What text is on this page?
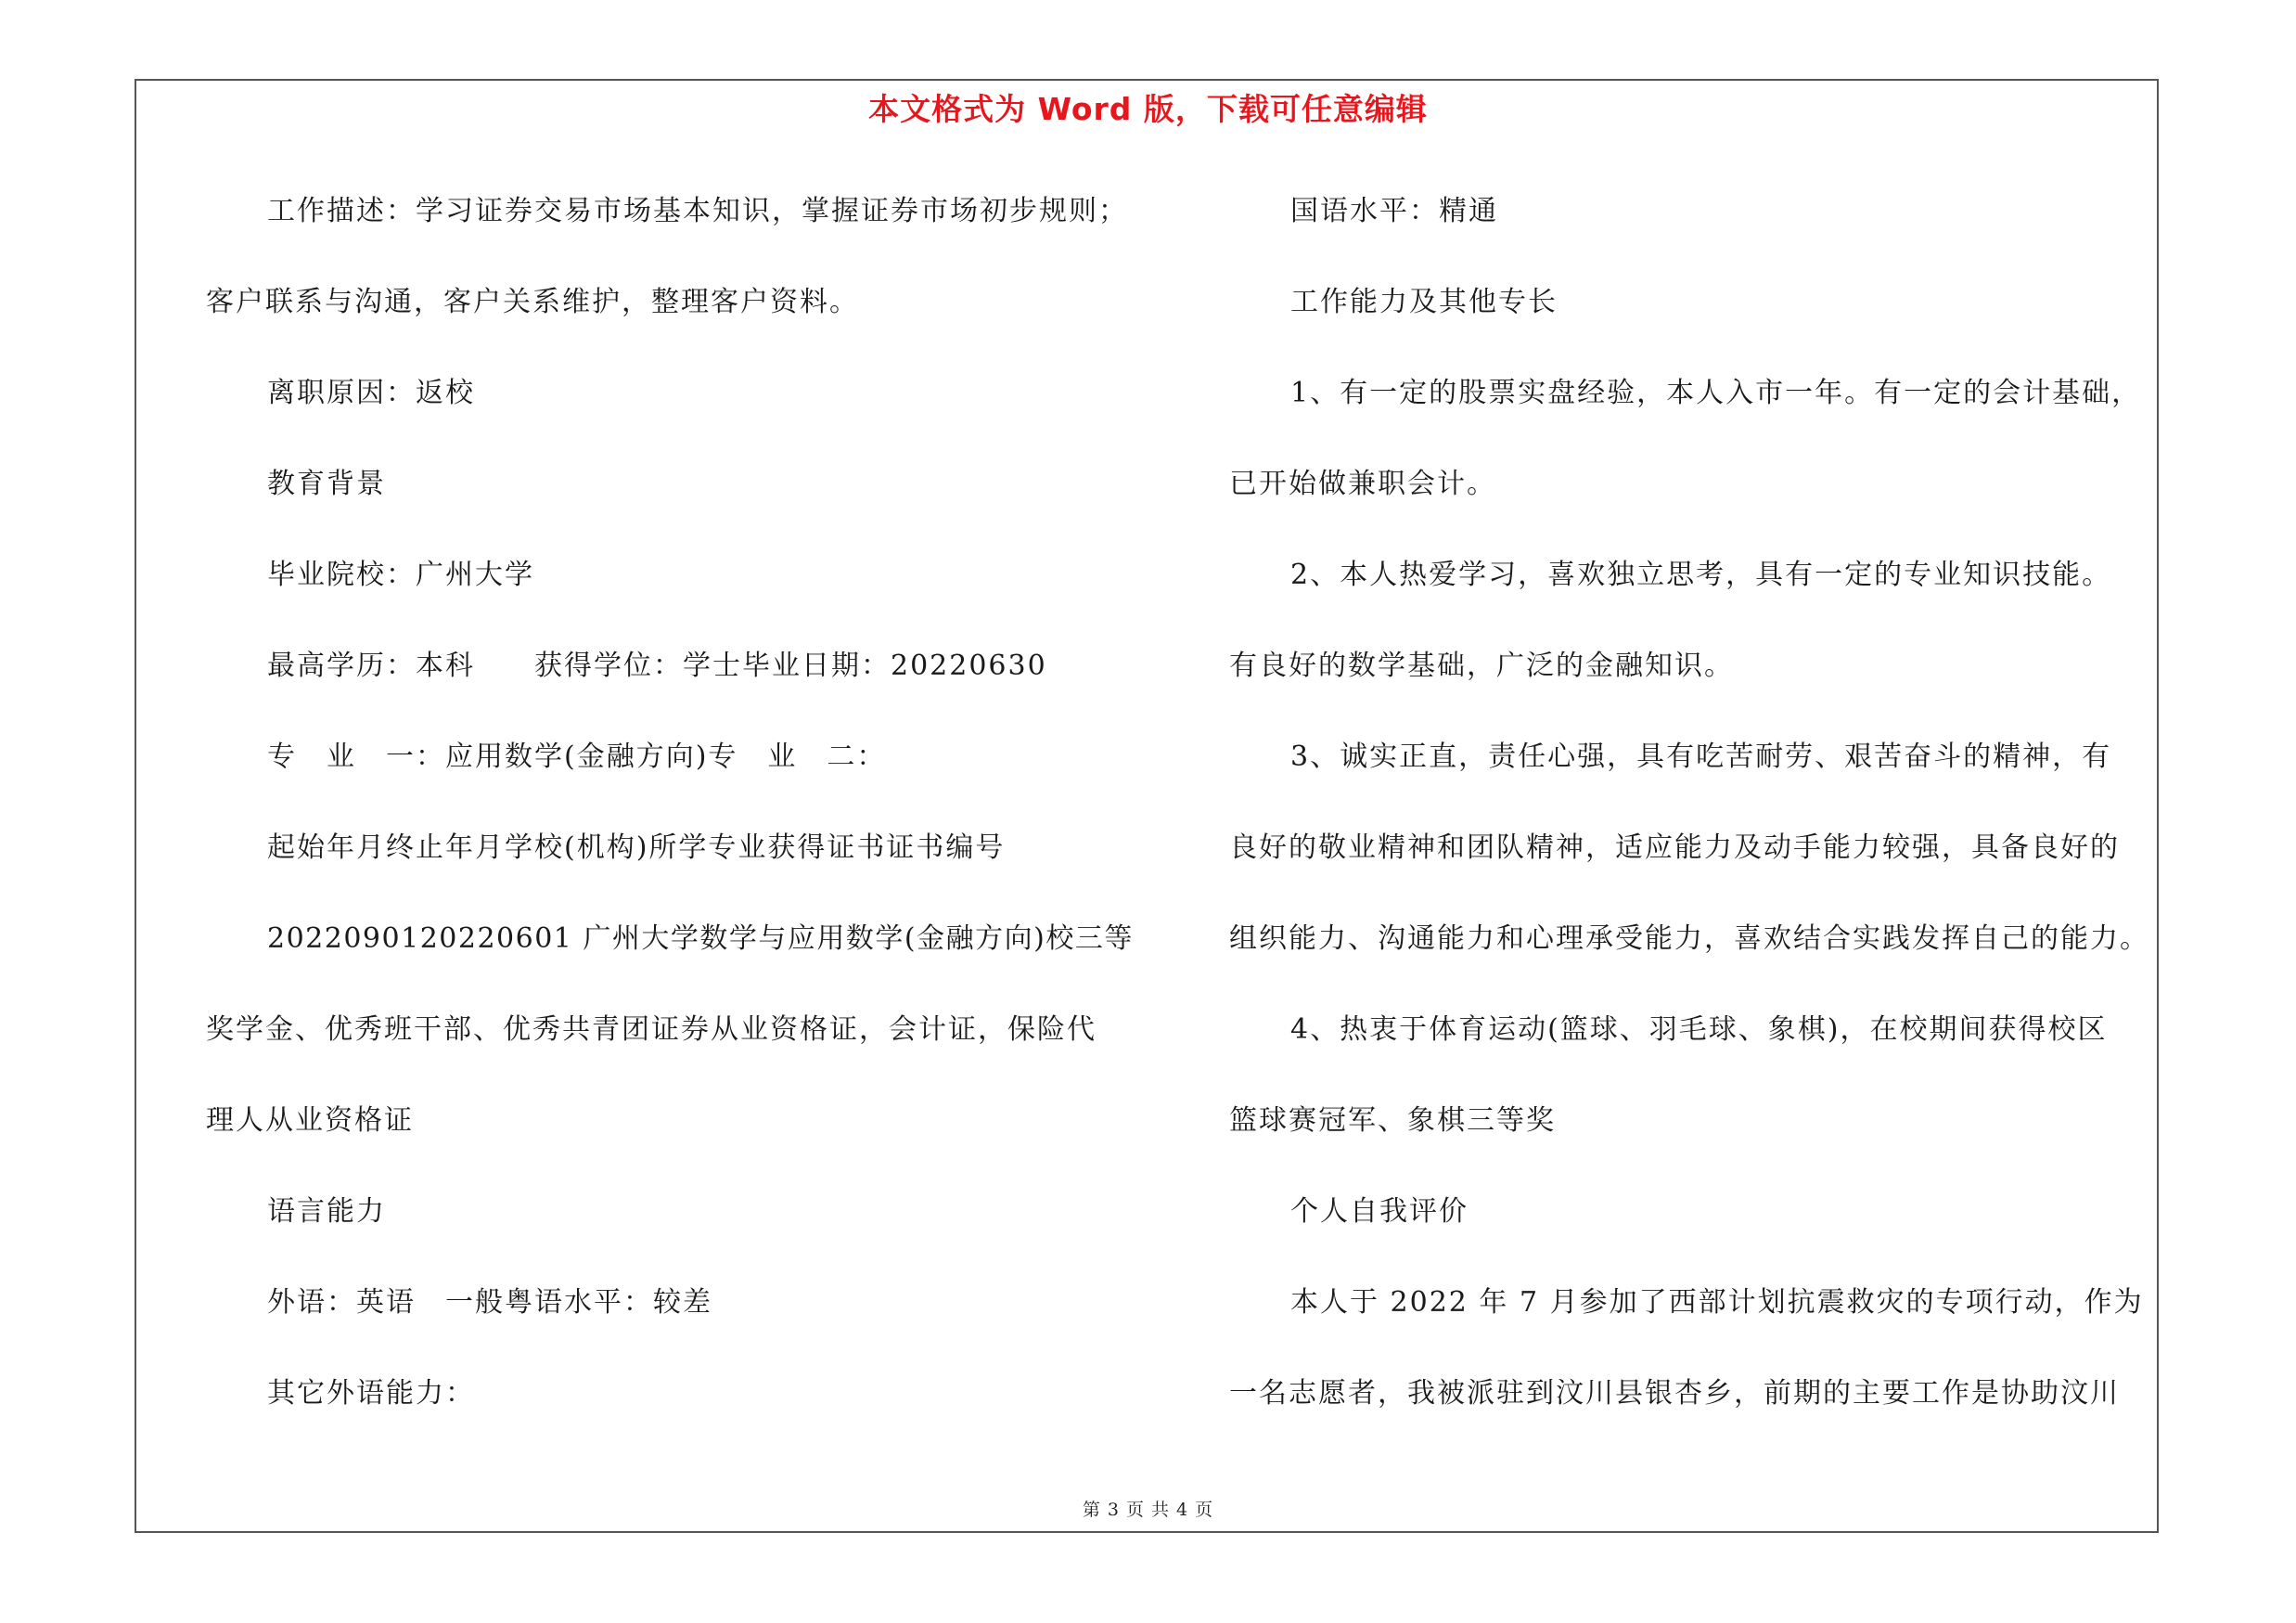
本文格式为 Word 版，下载可任意编辑
工作描述：学习证券交易市场基本知识，掌握证券市场初步规则；
客户联系与沟通，客户关系维护，整理客户资料。
离职原因：返校
教育背景
毕业院校：广州大学
最高学历：本科　　获得学位：学士毕业日期：20220630
专　业　一：应用数学(金融方向)专　业　二：
起始年月终止年月学校(机构)所学专业获得证书证书编号
2022090120220601 广州大学数学与应用数学(金融方向)校三等
奖学金、优秀班干部、优秀共青团证券从业资格证，会计证，保险代
理人从业资格证
语言能力
外语：英语　一般粤语水平：较差
其它外语能力：
国语水平：精通
工作能力及其他专长
1、有一定的股票实盘经验，本人入市一年。有一定的会计基础，
已开始做兼职会计。
2、本人热爱学习，喜欢独立思考，具有一定的专业知识技能。
有良好的数学基础，广泛的金融知识。
3、诚实正直，责任心强，具有吃苦耐劳、艰苦奋斗的精神，有
良好的敬业精神和团队精神，适应能力及动手能力较强，具备良好的
组织能力、沟通能力和心理承受能力，喜欢结合实践发挥自己的能力。
4、热衷于体育运动(篮球、羽毛球、象棋)，在校期间获得校区
篮球赛冠军、象棋三等奖
个人自我评价
本人于 2022 年 7 月参加了西部计划抗震救灾的专项行动，作为
一名志愿者，我被派驻到汶川县银杏乡，前期的主要工作是协助汶川
第 3 页 共 4 页
